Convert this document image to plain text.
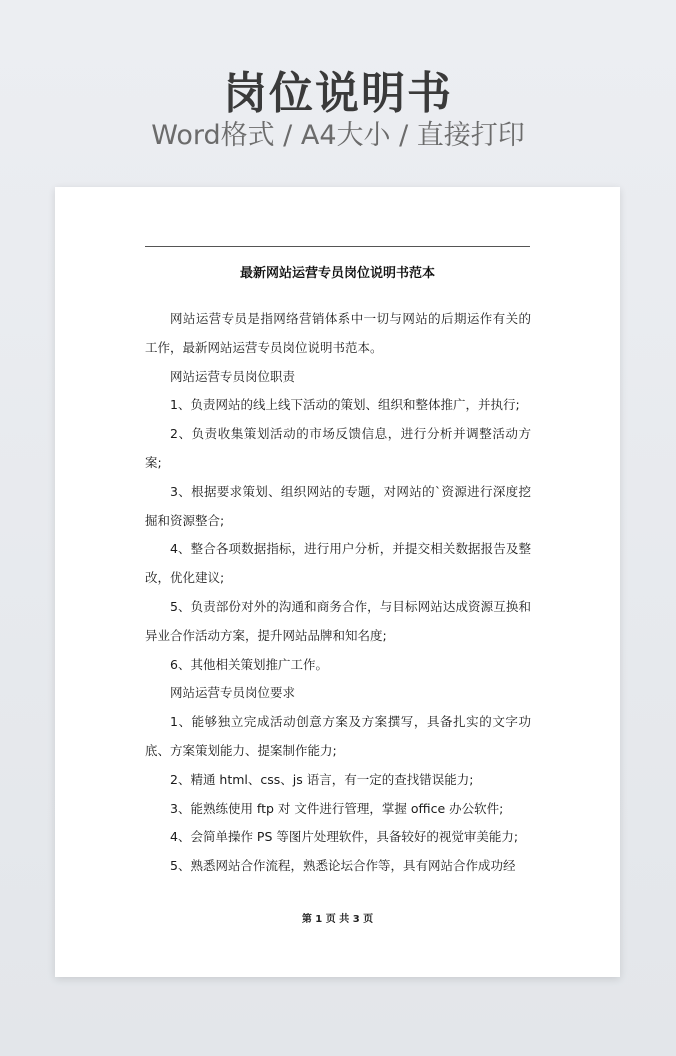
岗位说明书
Word格式 / A4大小 / 直接打印
最新网站运营专员岗位说明书范本

网站运营专员是指网络营销体系中一切与网站的后期运作有关的工作，最新网站运营专员岗位说明书范本。

网站运营专员岗位职责

1、负责网站的线上线下活动的策划、组织和整体推广，并执行;

2、负责收集策划活动的市场反馈信息，进行分析并调整活动方案;

3、根据要求策划、组织网站的专题，对网站的`资源进行深度挖掘和资源整合;

4、整合各项数据指标，进行用户分析，并提交相关数据报告及整改，优化建议;

5、负责部份对外的沟通和商务合作，与目标网站达成资源互换和异业合作活动方案，提升网站品牌和知名度;

6、其他相关策划推广工作。

网站运营专员岗位要求

1、能够独立完成活动创意方案及方案撰写，具备扎实的文字功底、方案策划能力、提案制作能力;

2、精通 html、css、js 语言，有一定的查找错误能力;

3、能熟练使用 ftp 对 文件进行管理，掌握 office 办公软件;

4、会简单操作 PS 等图片处理软件，具备较好的视觉审美能力;

5、熟悉网站合作流程，熟悉论坛合作等，具有网站合作成功经

第 1 页 共 3 页
